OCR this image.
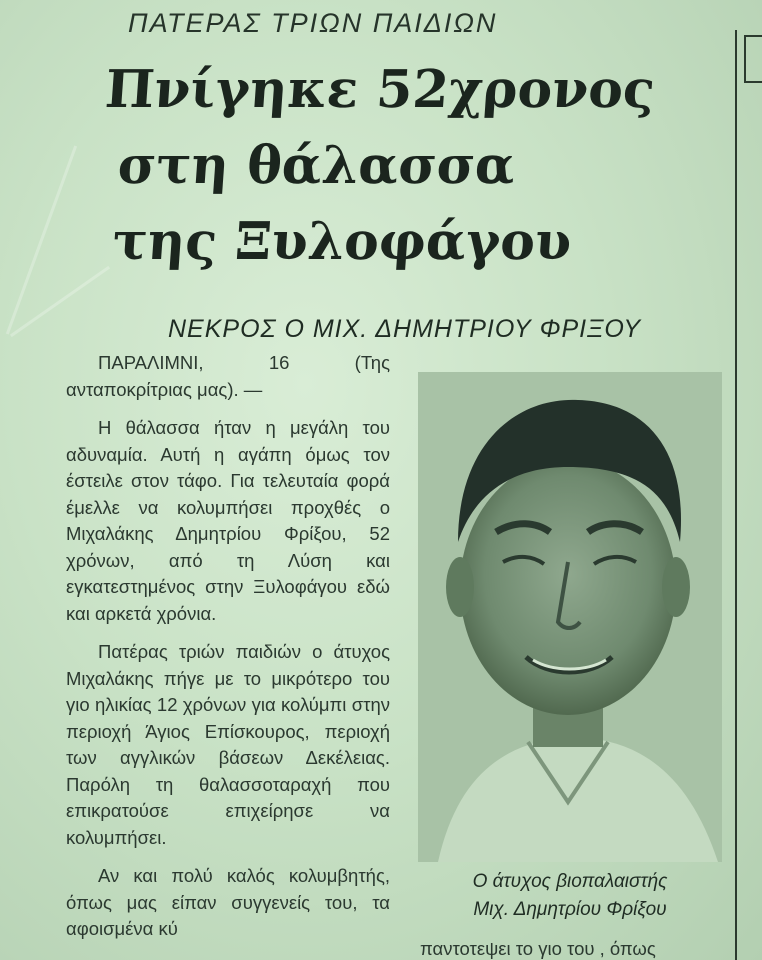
ΠΑΤΕΡΑΣ ΤΡΙΩΝ ΠΑΙΔΙΩΝ
Πνίγηκε 52χρονος
στη θάλασσα
της Ξυλοφάγου
ΝΕΚΡΟΣ Ο ΜΙΧ. ΔΗΜΗΤΡΙΟΥ ΦΡΙΞΟΥ

ΠΑΡΑΛΙΜΝΙ, 16 (Της ανταποκρίτριας μας). —

Η θάλασσα ήταν η μεγάλη του αδυναμία. Αυτή η αγάπη όμως τον έστειλε στον τάφο. Για τελευταία φορά έμελλε να κολυμπήσει προχθές ο Μιχαλάκης Δημητρίου Φρίξου, 52 χρόνων, από τη Λύση και εγκατεστημένος στην Ξυλοφάγου εδώ και αρκετά χρόνια.

Πατέρας τριών παιδιών ο άτυχος Μιχαλάκης πήγε με το μικρότερο του γιο ηλικίας 12 χρόνων για κολύμπι στην περιοχή Άγιος Επίσκουρος, περιοχή των αγγλικών βάσεων Δεκέλειας. Παρόλη τη θαλασσοταραχή που επικρατούσε επιχείρησε να κολυμπήσει.

Αν και πολύ καλός κολυμβητής, όπως μας είπαν συγγενείς του, τα αφοισμένα κύ

Ο άτυχος βιοπαλαιστής
Μιχ. Δημητρίου Φρίξου
παντοτεψει το γιο του , όπως
